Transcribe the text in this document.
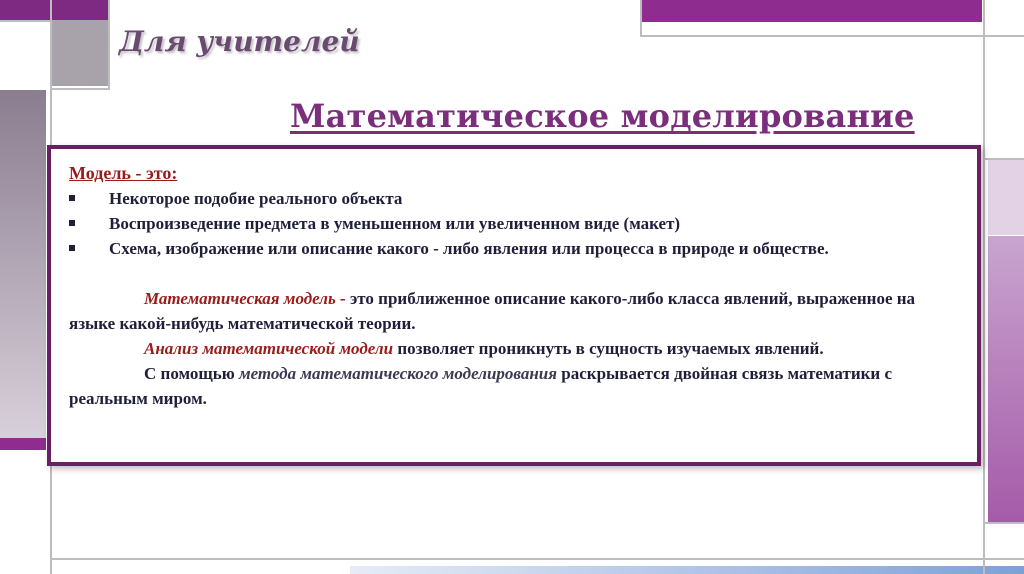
Для учителей
Математическое моделирование
Модель - это:
Некоторое подобие реального объекта
Воспроизведение предмета в уменьшенном или увеличенном виде (макет)
Схема, изображение или описание какого - либо явления или процесса в природе и обществе.

Математическая модель - это приближенное описание какого-либо класса явлений, выраженное на языке какой-нибудь математической теории.

Анализ математической модели позволяет проникнуть в сущность изучаемых явлений.

С помощью метода математического моделирования раскрывается двойная связь математики с реальным миром.
